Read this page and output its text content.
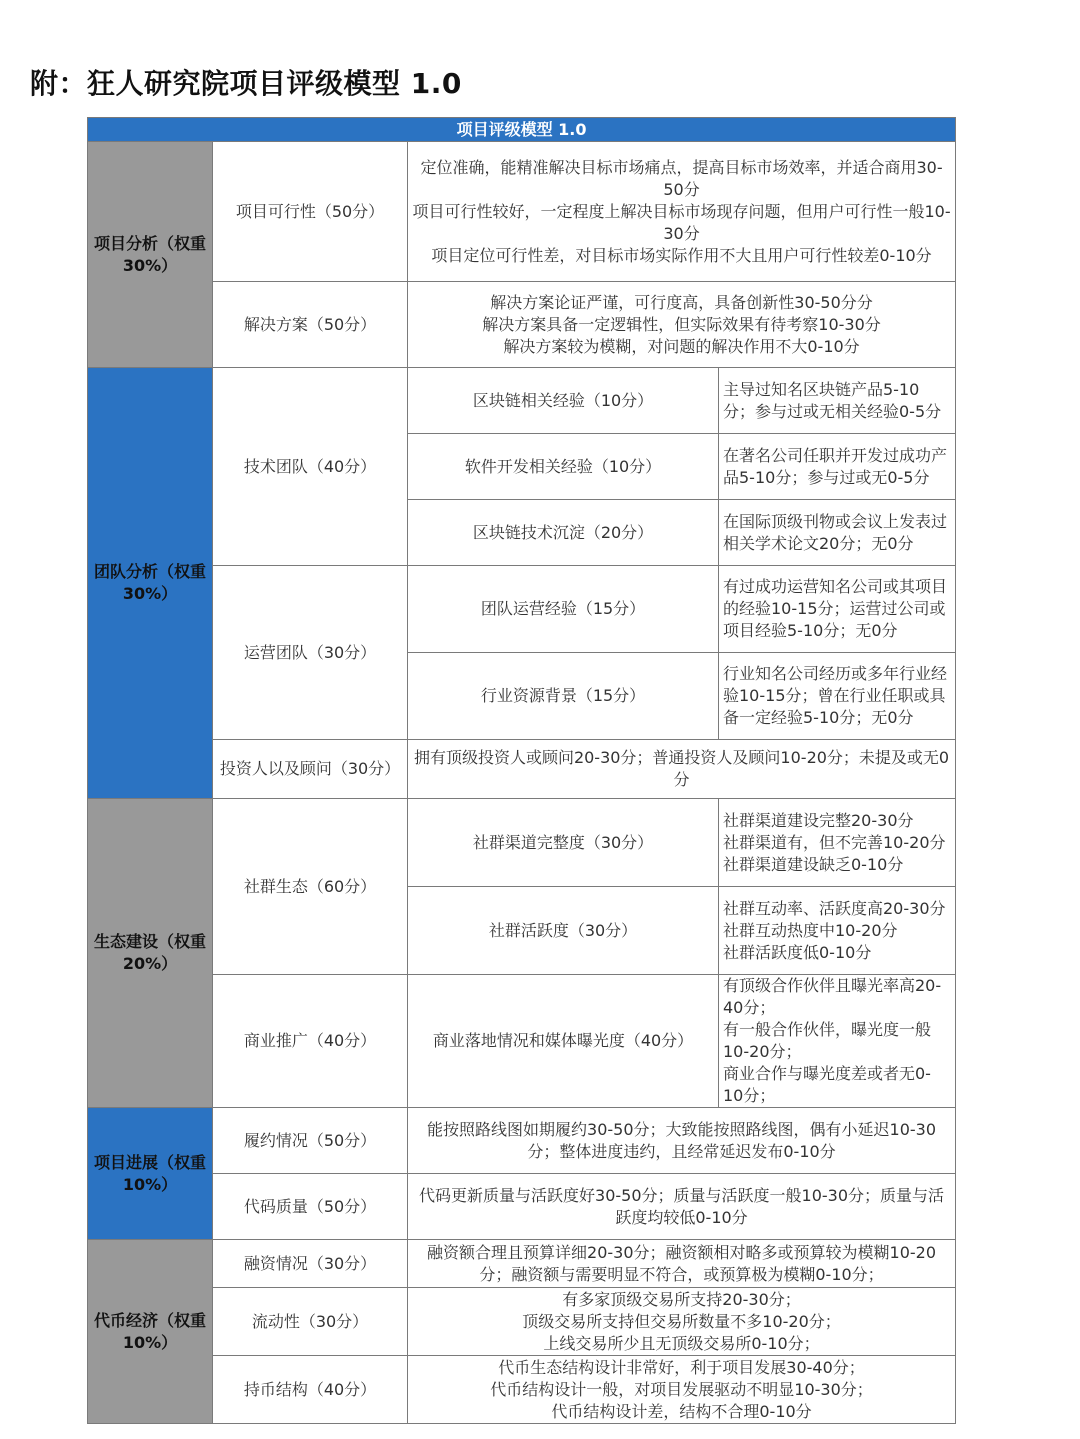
附：狂人研究院项目评级模型 1.0
项目评级模型 1.0			
项目分析（权重30%）	项目可行性（50分）	定位准确，能精准解决目标市场痛点，提高目标市场效率，并适合商用30-50分
项目可行性较好，一定程度上解决目标市场现存问题，但用户可行性一般10-30分
项目定位可行性差，对目标市场实际作用不大且用户可行性较差0-10分	

	解决方案（50分）	解决方案论证严谨，可行度高，具备创新性30-50分分
解决方案具备一定逻辑性，但实际效果有待考察10-30分
解决方案较为模糊，对问题的解决作用不大0-10分	

团队分析（权重30%）	技术团队（40分）	区块链相关经验（10分）	主导过知名区块链产品5-10分；参与过或无相关经验0-5分
		软件开发相关经验（10分）	在著名公司任职并开发过成功产品5-10分；参与过或无0-5分
		区块链技术沉淀（20分）	在国际顶级刊物或会议上发表过相关学术论文20分；无0分
	运营团队（30分）	团队运营经验（15分）	有过成功运营知名公司或其项目的经验10-15分；运营过公司或项目经验5-10分；无0分
		行业资源背景（15分）	行业知名公司经历或多年行业经验10-15分；曾在行业任职或具备一定经验5-10分；无0分
	投资人以及顾问（30分）	拥有顶级投资人或顾问20-30分；普通投资人及顾问10-20分；未提及或无0分	
生态建设（权重20%）	社群生态（60分）	社群渠道完整度（30分）	社群渠道建设完整20-30分
社群渠道有，但不完善10-20分
社群渠道建设缺乏0-10分

		社群活跃度（30分）	社群互动率、活跃度高20-30分
社群互动热度中10-20分
社群活跃度低0-10分

	商业推广（40分）	商业落地情况和媒体曝光度（40分）	有顶级合作伙伴且曝光率高20-40分；
有一般合作伙伴，曝光度一般10-20分；
商业合作与曝光度差或者无0-10分；

项目进展（权重10%）	履约情况（50分）	能按照路线图如期履约30-50分；大致能按照路线图，偶有小延迟10-30分；整体进度违约，且经常延迟发布0-10分	
	代码质量（50分）	代码更新质量与活跃度好30-50分；质量与活跃度一般10-30分；质量与活跃度均较低0-10分	
代币经济（权重10%）	融资情况（30分）	融资额合理且预算详细20-30分；融资额相对略多或预算较为模糊10-20分；融资额与需要明显不符合，或预算极为模糊0-10分；	
	流动性（30分）	有多家顶级交易所支持20-30分；
顶级交易所支持但交易所数量不多10-20分；
上线交易所少且无顶级交易所0-10分；	

	持币结构（40分）	代币生态结构设计非常好，利于项目发展30-40分；
代币结构设计一般，对项目发展驱动不明显10-30分；
代币结构设计差，结构不合理0-10分	
